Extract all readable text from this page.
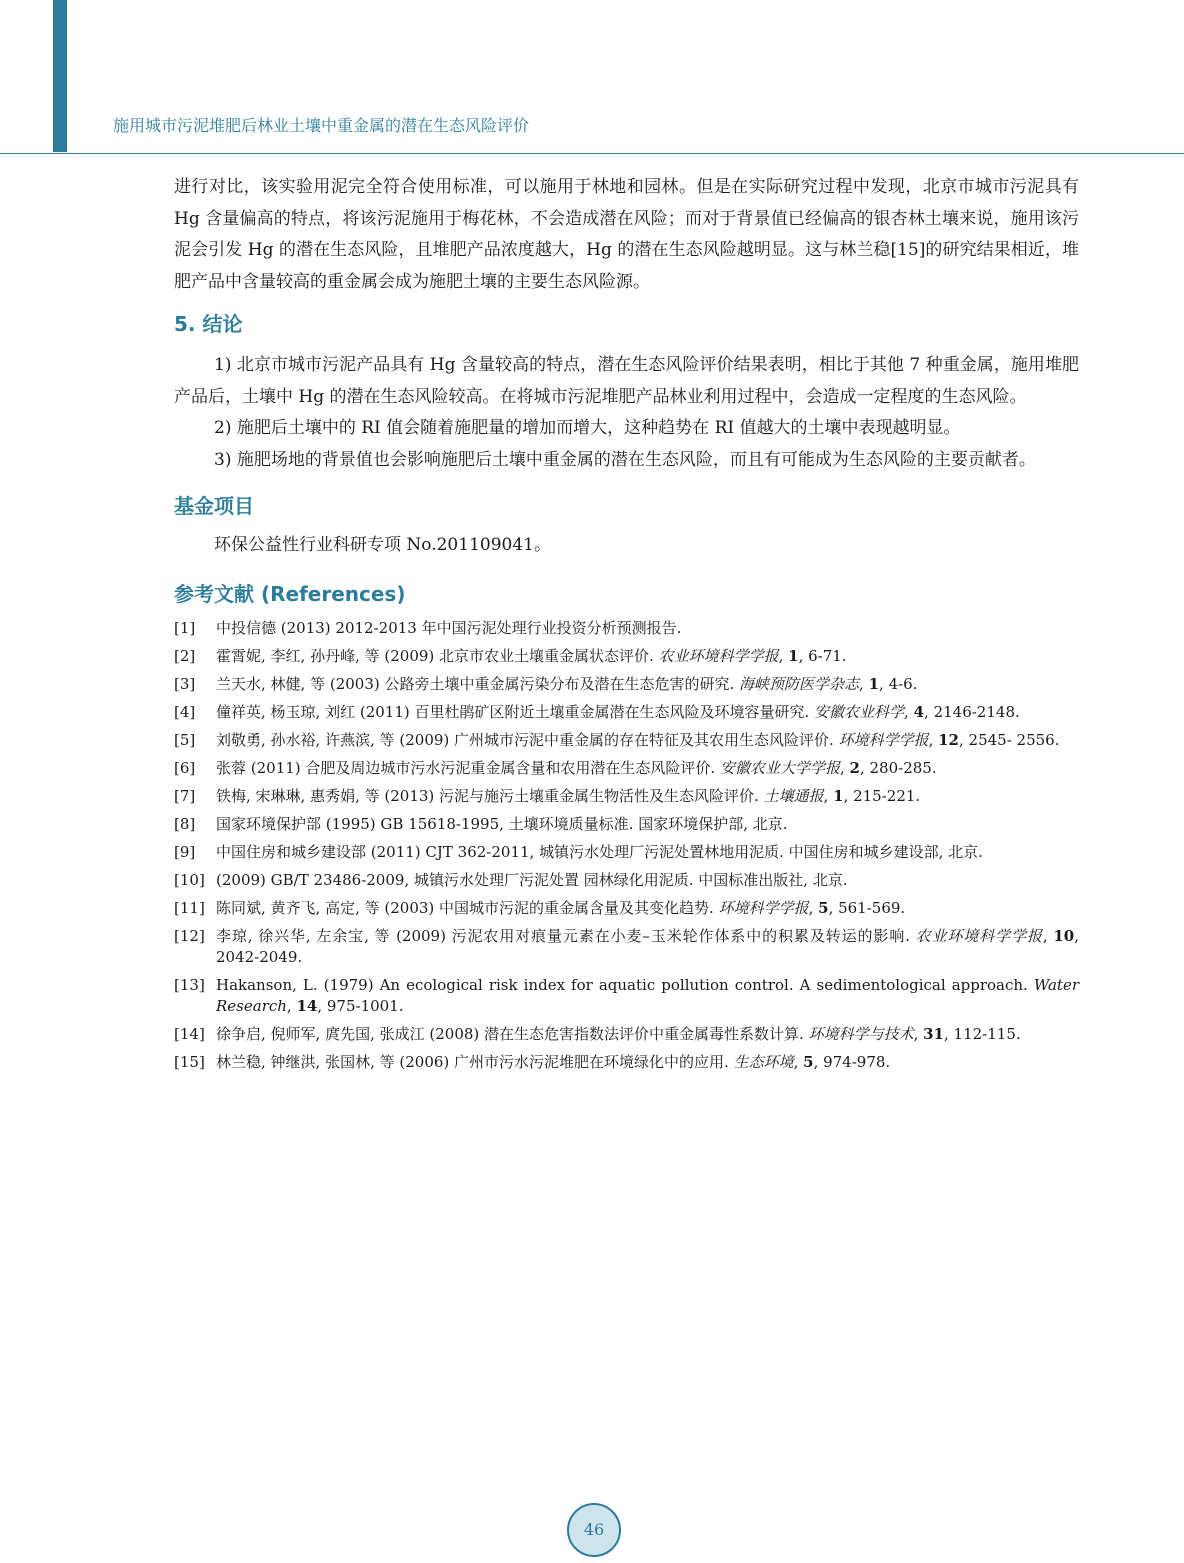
施用城市污泥堆肥后林业土壤中重金属的潜在生态风险评价

进行对比，该实验用泥完全符合使用标准，可以施用于林地和园林。但是在实际研究过程中发现，北京市城市污泥具有 Hg 含量偏高的特点，将该污泥施用于梅花林，不会造成潜在风险；而对于背景值已经偏高的银杏林土壤来说，施用该污泥会引发 Hg 的潜在生态风险，且堆肥产品浓度越大，Hg 的潜在生态风险越明显。这与林兰稳[15]的研究结果相近，堆肥产品中含量较高的重金属会成为施肥土壤的主要生态风险源。

5. 结论

1) 北京市城市污泥产品具有 Hg 含量较高的特点，潜在生态风险评价结果表明，相比于其他 7 种重金属，施用堆肥产品后，土壤中 Hg 的潜在生态风险较高。在将城市污泥堆肥产品林业利用过程中，会造成一定程度的生态风险。

2) 施肥后土壤中的 RI 值会随着施肥量的增加而增大，这种趋势在 RI 值越大的土壤中表现越明显。

3) 施肥场地的背景值也会影响施肥后土壤中重金属的潜在生态风险，而且有可能成为生态风险的主要贡献者。

基金项目

环保公益性行业科研专项 No.201109041。

参考文献 (References)
[1] 中投信德 (2013) 2012-2013 年中国污泥处理行业投资分析预测报告.
[2] 霍霄妮, 李红, 孙丹峰, 等 (2009) 北京市农业土壤重金属状态评价. 农业环境科学学报, 1, 6-71.
[3] 兰天水, 林健, 等 (2003) 公路旁土壤中重金属污染分布及潜在生态危害的研究. 海峡预防医学杂志, 1, 4-6.
[4] 僮祥英, 杨玉琼, 刘红 (2011) 百里杜鹃矿区附近土壤重金属潜在生态风险及环境容量研究. 安徽农业科学, 4, 2146-2148.
[5] 刘敬勇, 孙水裕, 许燕滨, 等 (2009) 广州城市污泥中重金属的存在特征及其农用生态风险评价. 环境科学学报, 12, 2545- 2556.
[6] 张蓉 (2011) 合肥及周边城市污水污泥重金属含量和农用潜在生态风险评价. 安徽农业大学学报, 2, 280-285.
[7] 铁梅, 宋琳琳, 惠秀娟, 等 (2013) 污泥与施污土壤重金属生物活性及生态风险评价. 土壤通报, 1, 215-221.
[8] 国家环境保护部 (1995) GB 15618-1995, 土壤环境质量标准. 国家环境保护部, 北京.
[9] 中国住房和城乡建设部 (2011) CJT 362-2011, 城镇污水处理厂污泥处置林地用泥质. 中国住房和城乡建设部, 北京.
[10] (2009) GB/T 23486-2009, 城镇污水处理厂污泥处置 园林绿化用泥质. 中国标准出版社, 北京.
[11] 陈同斌, 黄齐飞, 高定, 等 (2003) 中国城市污泥的重金属含量及其变化趋势. 环境科学学报, 5, 561-569.
[12] 李琼, 徐兴华, 左余宝, 等 (2009) 污泥农用对痕量元素在小麦–玉米轮作体系中的积累及转运的影响. 农业环境科学学报, 10, 2042-2049.
[13] Hakanson, L. (1979) An ecological risk index for aquatic pollution control. A sedimentological approach. Water Research, 14, 975-1001.
[14] 徐争启, 倪师军, 庹先国, 张成江 (2008) 潜在生态危害指数法评价中重金属毒性系数计算. 环境科学与技术, 31, 112-115.
[15] 林兰稳, 钟继洪, 张国林, 等 (2006) 广州市污水污泥堆肥在环境绿化中的应用. 生态环境, 5, 974-978.
46
